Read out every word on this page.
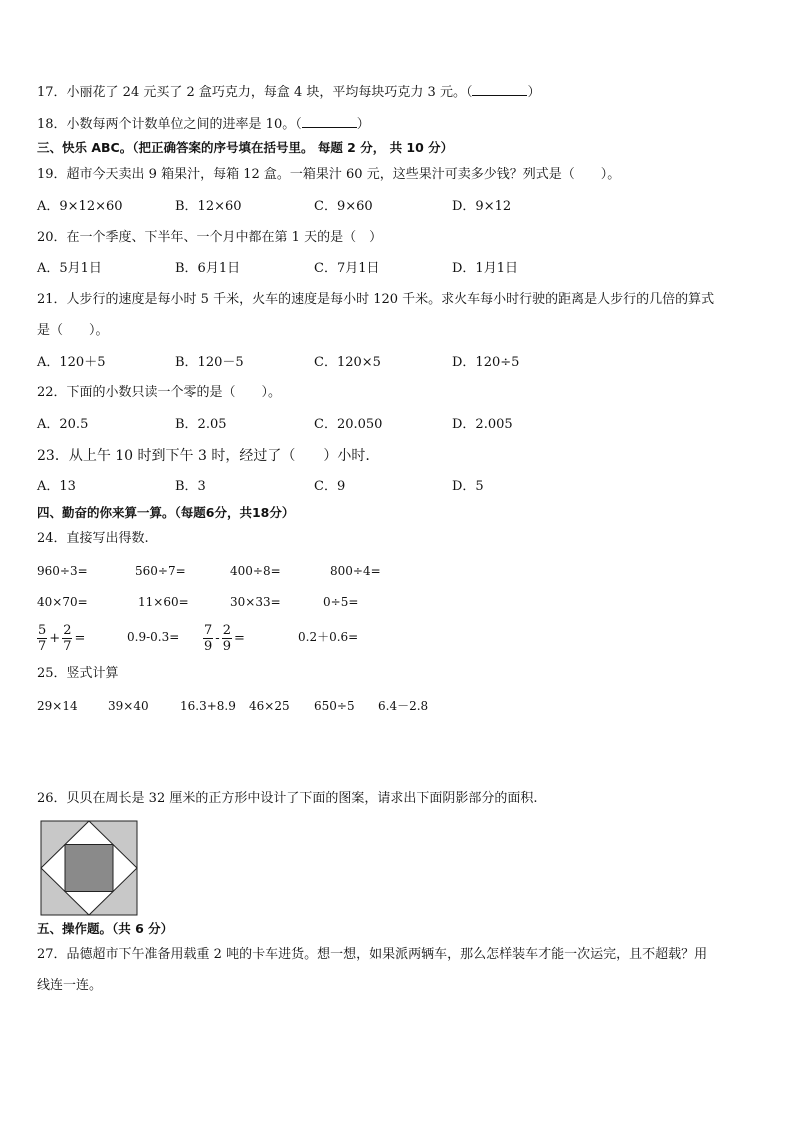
17．小丽花了 24 元买了 2 盒巧克力，每盒 4 块，平均每块巧克力 3 元。（	）
18．小数每两个计数单位之间的进率是 10。（	）
三、快乐 ABC。（把正确答案的序号填在括号里。 每题 2 分， 共 10 分）
19．超市今天卖出 9 箱果汁，每箱 12 盒。一箱果汁 60 元，这些果汁可卖多少钱？列式是（　　）。
A．9×12×60	B．12×60	C．9×60	D．9×12
20．在一个季度、下半年、一个月中都在第 1 天的是（　）
A．5月1日	B．6月1日	C．7月1日	D．1月1日
21．人步行的速度是每小时 5 千米，火车的速度是每小时 120 千米。求火车每小时行驶的距离是人步行的几倍的算式
是（　　）。
A．120＋5	B．120－5	C．120×5	D．120÷5
22．下面的小数只读一个零的是（　　）。
A．20.5	B．2.05	C．20.050	D．2.005
23．从上午 10 时到下午 3 时，经过了（　　）小时.
A．13	B．3	C．9	D．5
四、勤奋的你来算一算。（每题6分，共18分）
24．直接写出得数.
960÷3=	560÷7=	400÷8=	800÷4=
40×70=	11×60=	30×33=	0÷5=
$\frac{5}{7} + \frac{2}{7}$ =	$0.9-0.3= \frac{7}{9} - \frac{2}{9}$ =	0.2＋0.6=
25．竖式计算
29×14	39×40	16.3+8.9 46×25 650÷5 6.4－2.8
26．贝贝在周长是 32 厘米的正方形中设计了下面的图案，请求出下面阴影部分的面积.
五、操作题。（共 6 分）
27．品德超市下午准备用载重 2 吨的卡车进货。想一想，如果派两辆车，那么怎样装车才能一次运完，且不超载？用
线连一连。
